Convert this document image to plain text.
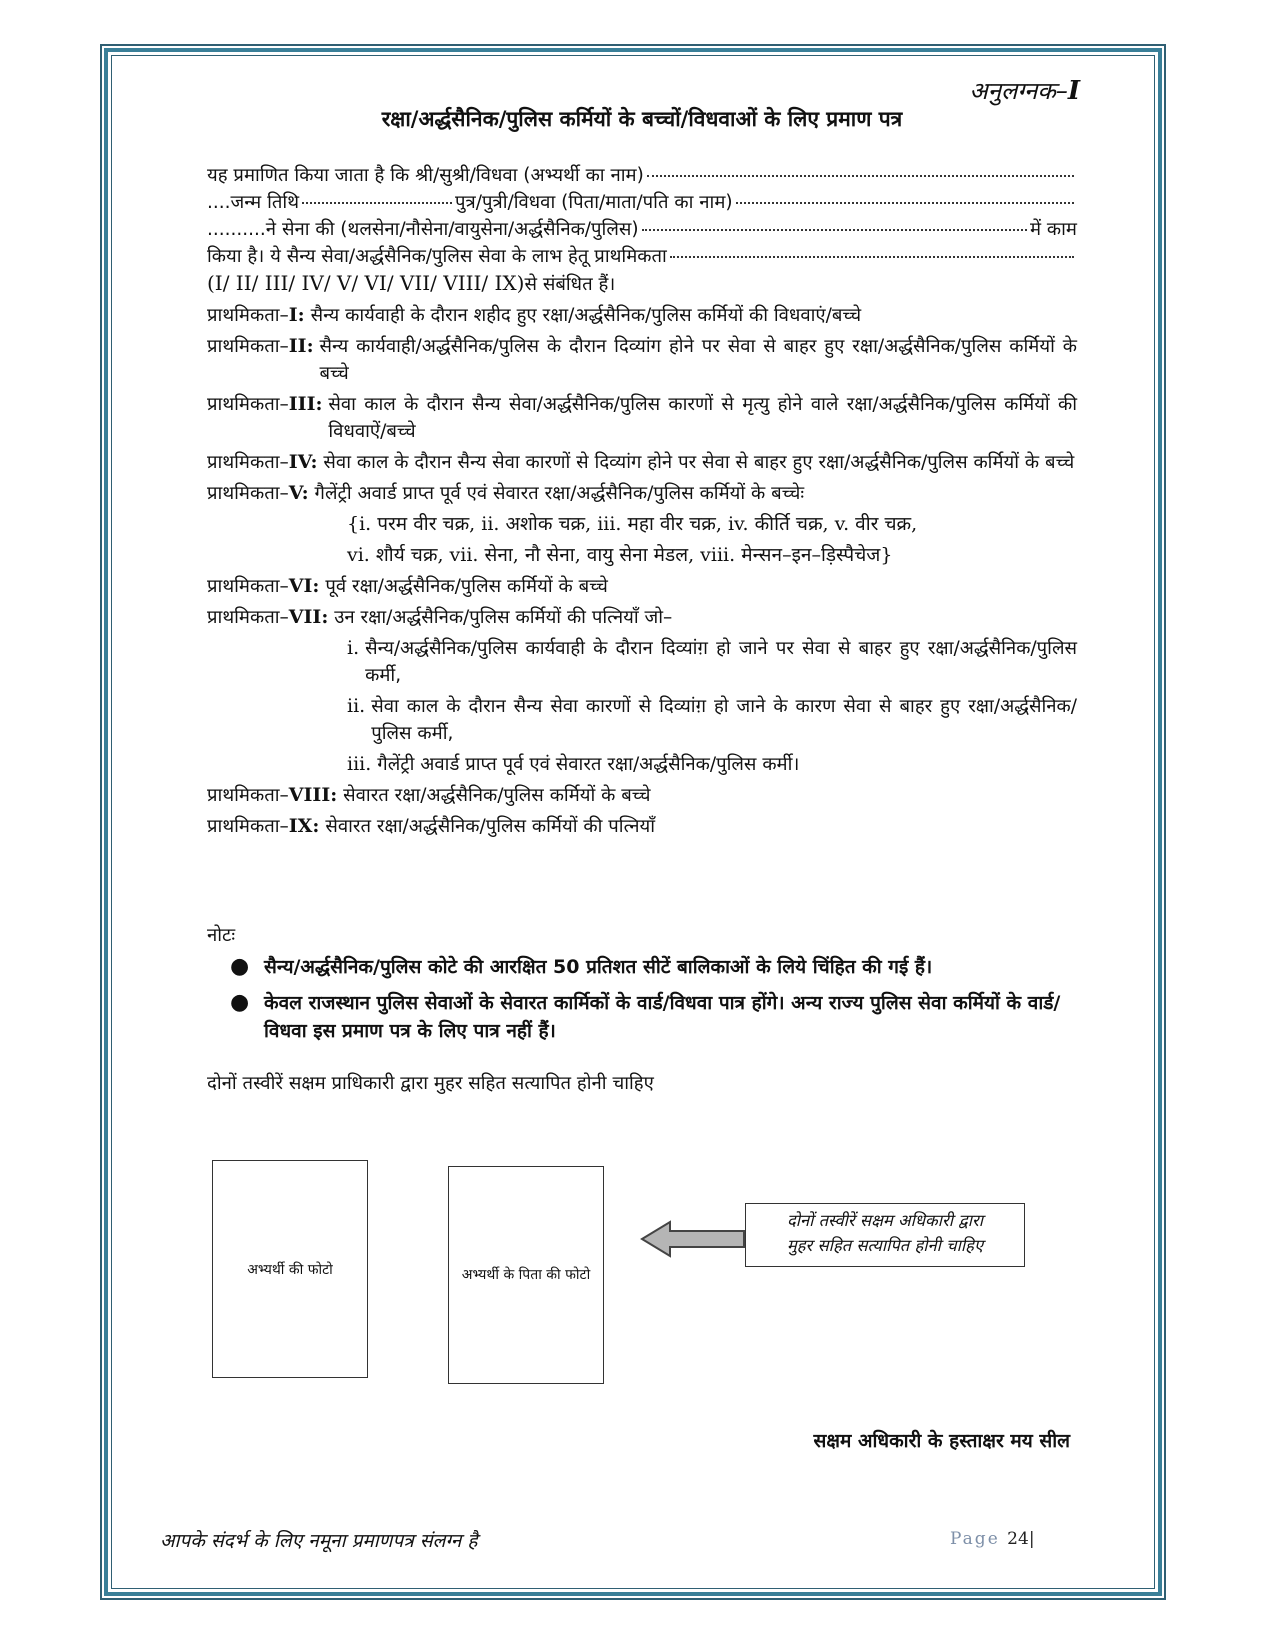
अनुलग्नक–I
रक्षा/अर्द्धसैनिक/पुलिस कर्मियों के बच्चों/विधवाओं के लिए प्रमाण पत्र
यह प्रमाणित किया जाता है कि श्री/सुश्री/विधवा (अभ्यर्थी का नाम)
....जन्म तिथि	पुत्र/पुत्री/विधवा (पिता/माता/पति का नाम)
..........ने सेना की (थलसेना/नौसेना/वायुसेना/अर्द्धसैनिक/पुलिस)	में काम
किया है। ये सैन्य सेवा/अर्द्धसैनिक/पुलिस सेवा के लाभ हेतू प्राथमिकता
(I/ II/ III/ IV/ V/ VI/ VII/ VIII/ IX) से संबंधित हैं।
प्राथमिकता–I: सैन्य कार्यवाही के दौरान शहीद हुए रक्षा/अर्द्धसैनिक/पुलिस कर्मियों की विधवाएं/बच्चे
प्राथमिकता–II: सैन्य कार्यवाही/अर्द्धसैनिक/पुलिस के दौरान दिव्यांग होने पर सेवा से बाहर हुए रक्षा/अर्द्धसैनिक/पुलिस कर्मियों के बच्चे
प्राथमिकता–III: सेवा काल के दौरान सैन्य सेवा/अर्द्धसैनिक/पुलिस कारणों से मृत्यु होने वाले रक्षा/अर्द्धसैनिक/पुलिस कर्मियों की विधवाऐं/बच्चे
प्राथमिकता–IV: सेवा काल के दौरान सैन्य सेवा कारणों से दिव्यांग होने पर सेवा से बाहर हुए रक्षा/अर्द्धसैनिक/पुलिस कर्मियों के बच्चे
प्राथमिकता–V: गैलेंट्री अवार्ड प्राप्त पूर्व एवं सेवारत रक्षा/अर्द्धसैनिक/पुलिस कर्मियों के बच्चेः
{i. परम वीर चक्र, ii. अशोक चक्र, iii. महा वीर चक्र, iv. कीर्ति चक्र, v. वीर चक्र,
vi. शौर्य चक्र, vii. सेना, नौ सेना, वायु सेना मेडल, viii. मेन्सन–इन–ड़िस्पैचेज}
प्राथमिकता–VI: पूर्व रक्षा/अर्द्धसैनिक/पुलिस कर्मियों के बच्चे
प्राथमिकता–VII: उन रक्षा/अर्द्धसैनिक/पुलिस कर्मियों की पत्नियाँ जो–
i. सैन्य/अर्द्धसैनिक/पुलिस कार्यवाही के दौरान दिव्यांग़ हो जाने पर सेवा से बाहर हुए रक्षा/अर्द्धसैनिक/पुलिस कर्मी,
ii. सेवा काल के दौरान सैन्य सेवा कारणों से दिव्यांग़ हो जाने के कारण सेवा से बाहर हुए रक्षा/अर्द्धसैनिक/पुलिस कर्मी,
iii. गैलेंट्री अवार्ड प्राप्त पूर्व एवं सेवारत रक्षा/अर्द्धसैनिक/पुलिस कर्मी।
प्राथमिकता–VIII: सेवारत रक्षा/अर्द्धसैनिक/पुलिस कर्मियों के बच्चे
प्राथमिकता–IX: सेवारत रक्षा/अर्द्धसैनिक/पुलिस कर्मियों की पत्नियाँ
नोटः
● सैन्य/अर्द्धसैनिक/पुलिस कोटे की आरक्षित 50 प्रतिशत सीटें बालिकाओं के लिये चिंहित की गई हैं।
● केवल राजस्थान पुलिस सेवाओं के सेवारत कार्मिकों के वार्ड/विधवा पात्र होंगे। अन्य राज्य पुलिस सेवा कर्मियों के वार्ड/विधवा इस प्रमाण पत्र के लिए पात्र नहीं हैं।
दोनों तस्वीरें सक्षम प्राधिकारी द्वारा मुहर सहित सत्यापित होनी चाहिए
अभ्यर्थी की फोटो	अभ्यर्थी के पिता की फोटो
दोनों तस्वीरें सक्षम अधिकारी द्वारा
मुहर सहित सत्यापित होनी चाहिए
सक्षम अधिकारी के हस्ताक्षर मय सील
आपके संदर्भ के लिए नमूना प्रमाणपत्र संलग्न है	Page 24|
